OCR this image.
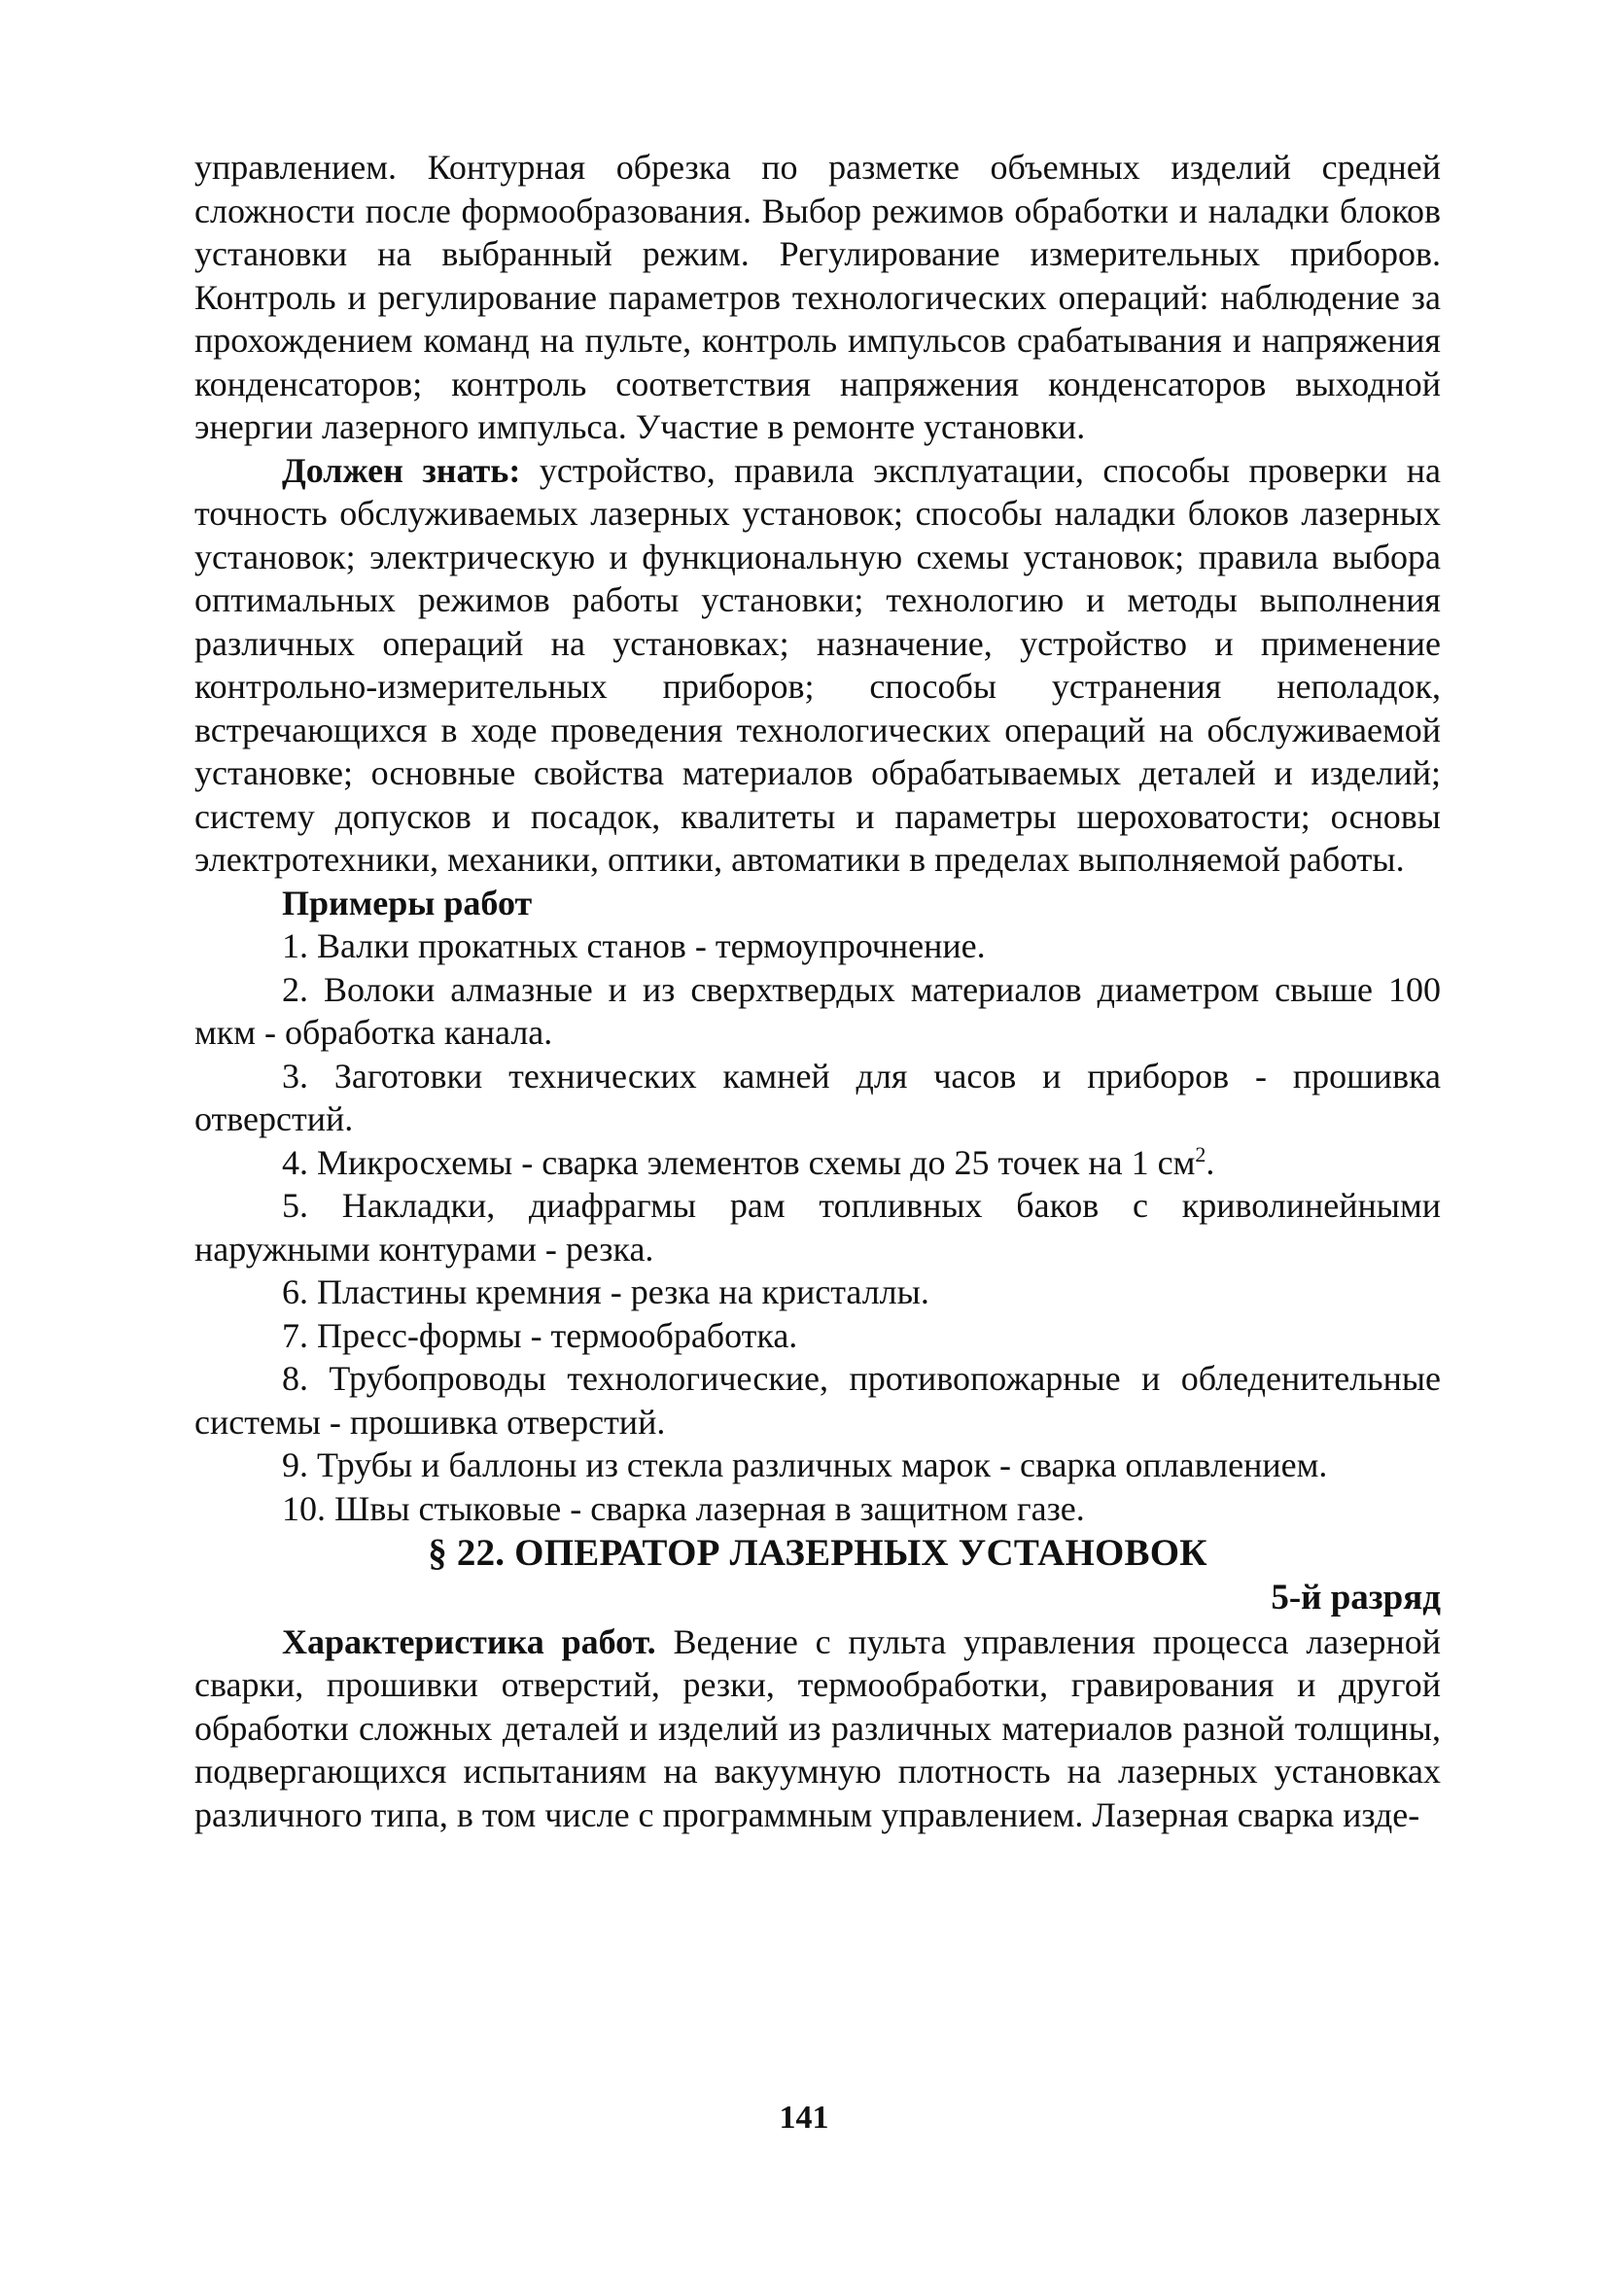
управлением. Контурная обрезка по разметке объемных изделий средней сложности после формообразования. Выбор режимов обработки и наладки блоков установки на выбранный режим. Регулирование измерительных приборов. Контроль и регулирование параметров технологических операций: наблюдение за прохождением команд на пульте, контроль импульсов срабатывания и напряжения конденсаторов; контроль соответствия напряжения конденсаторов выходной энергии лазерного импульса. Участие в ремонте установки.

Должен знать: устройство, правила эксплуатации, способы проверки на точность обслуживаемых лазерных установок; способы наладки блоков лазерных установок; электрическую и функциональную схемы установок; правила выбора оптимальных режимов работы установки; технологию и методы выполнения различных операций на установках; назначение, устройство и применение контрольно-измерительных приборов; способы устранения неполадок, встречающихся в ходе проведения технологических операций на обслуживаемой установке; основные свойства материалов обрабатываемых деталей и изделий; систему допусков и посадок, квалитеты и параметры шероховатости; основы электротехники, механики, оптики, автоматики в пределах выполняемой работы.

Примеры работ

1. Валки прокатных станов - термоупрочнение.

2. Волоки алмазные и из сверхтвердых материалов диаметром свыше 100 мкм - обработка канала.

3. Заготовки технических камней для часов и приборов - прошивка отверстий.

4. Микросхемы - сварка элементов схемы до 25 точек на 1 $см^2$.

5. Накладки, диафрагмы рам топливных баков с криволинейными наружными контурами - резка.

6. Пластины кремния - резка на кристаллы.

7. Пресс-формы - термообработка.

8. Трубопроводы технологические, противопожарные и обледенительные системы - прошивка отверстий.

9. Трубы и баллоны из стекла различных марок - сварка оплавлением.

10. Швы стыковые - сварка лазерная в защитном газе.

§ 22. ОПЕРАТОР ЛАЗЕРНЫХ УСТАНОВОК

5-й разряд

Характеристика работ. Ведение с пульта управления процесса лазерной сварки, прошивки отверстий, резки, термообработки, гравирования и другой обработки сложных деталей и изделий из различных материалов разной толщины, подвергающихся испытаниям на вакуумную плотность на лазерных установках различного типа, в том числе с программным управлением. Лазерная сварка изде-

141
